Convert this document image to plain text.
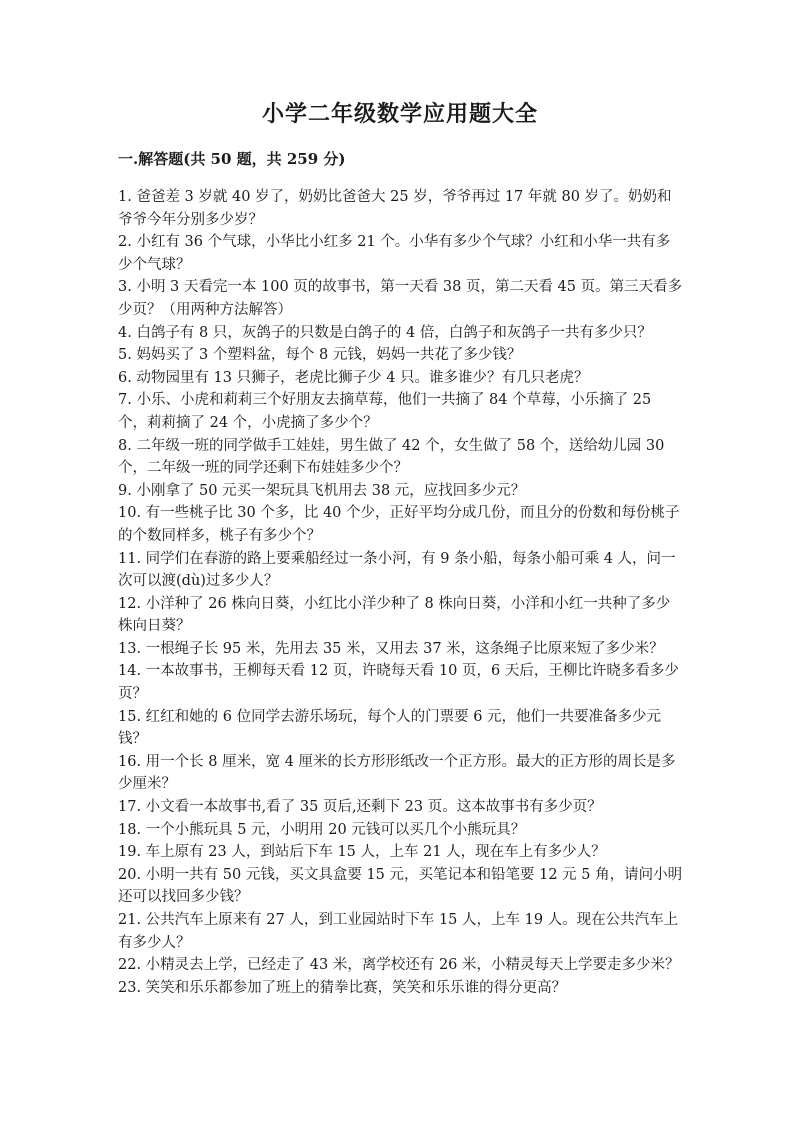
小学二年级数学应用题大全
一.解答题(共 50 题，共 259 分)
1. 爸爸差 3 岁就 40 岁了，奶奶比爸爸大 25 岁，爷爷再过 17 年就 80 岁了。奶奶和爷爷今年分别多少岁？
2. 小红有 36 个气球，小华比小红多 21 个。小华有多少个气球？小红和小华一共有多少个气球？
3. 小明 3 天看完一本 100 页的故事书，第一天看 38 页，第二天看 45 页。第三天看多少页？（用两种方法解答）
4. 白鸽子有 8 只，灰鸽子的只数是白鸽子的 4 倍，白鸽子和灰鸽子一共有多少只？
5. 妈妈买了 3 个塑料盆，每个 8 元钱，妈妈一共花了多少钱？
6. 动物园里有 13 只狮子，老虎比狮子少 4 只。谁多谁少？有几只老虎？
7. 小乐、小虎和莉莉三个好朋友去摘草莓，他们一共摘了 84 个草莓，小乐摘了 25 个，莉莉摘了 24 个，小虎摘了多少个？
8. 二年级一班的同学做手工娃娃，男生做了 42 个，女生做了 58 个，送给幼儿园 30 个，二年级一班的同学还剩下布娃娃多少个？
9. 小刚拿了 50 元买一架玩具飞机用去 38 元，应找回多少元？
10. 有一些桃子比 30 个多，比 40 个少，正好平均分成几份，而且分的份数和每份桃子的个数同样多，桃子有多少个？
11. 同学们在春游的路上要乘船经过一条小河，有 9 条小船，每条小船可乘 4 人，问一次可以渡(dù)过多少人？
12. 小洋种了 26 株向日葵，小红比小洋少种了 8 株向日葵，小洋和小红一共种了多少株向日葵？
13. 一根绳子长 95 米，先用去 35 米，又用去 37 米，这条绳子比原来短了多少米？
14. 一本故事书，王柳每天看 12 页，许晓每天看 10 页，6 天后，王柳比许晓多看多少页？
15. 红红和她的 6 位同学去游乐场玩，每个人的门票要 6 元，他们一共要准备多少元钱？
16. 用一个长 8 厘米，宽 4 厘米的长方形形纸改一个正方形。最大的正方形的周长是多少厘米？
17. 小文看一本故事书,看了 35 页后,还剩下 23 页。这本故事书有多少页？
18. 一个小熊玩具 5 元，小明用 20 元钱可以买几个小熊玩具？
19. 车上原有 23 人，到站后下车 15 人，上车 21 人，现在车上有多少人？
20. 小明一共有 50 元钱，买文具盒要 15 元，买笔记本和铅笔要 12 元 5 角，请问小明还可以找回多少钱？
21. 公共汽车上原来有 27 人，到工业园站时下车 15 人，上车 19 人。现在公共汽车上有多少人？
22. 小精灵去上学，已经走了 43 米，离学校还有 26 米，小精灵每天上学要走多少米？
23. 笑笑和乐乐都参加了班上的猜拳比赛，笑笑和乐乐谁的得分更高？
